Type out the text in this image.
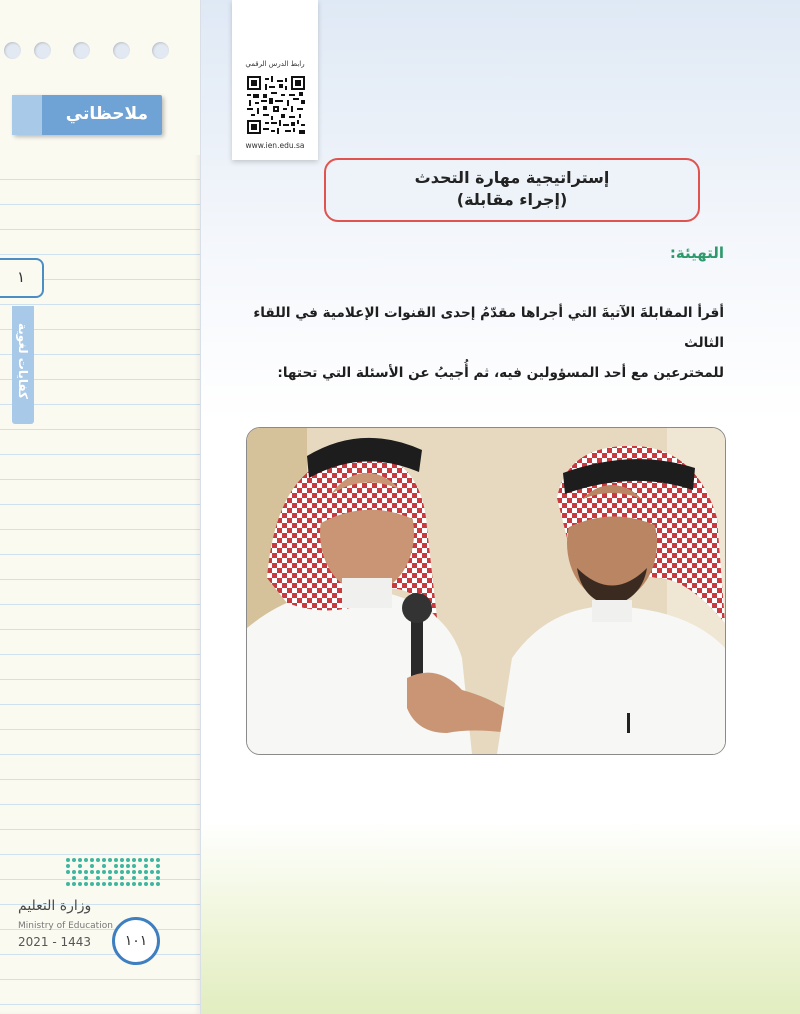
ملاحظاتي
١
كفايات لغوية
وزارة التعليم
Ministry of Education
2021 - 1443	١٠١
رابط الدرس الرقمي
www.ien.edu.sa
إستراتيجية مهارة التحدث
(إجراء مقابلة)
التهيئة:
أقرأ المقابلةَ الآتيةَ التي أجراها مقدّمُ إحدى القنوات الإعلامية في اللقاء الثالث
للمخترعين مع أحد المسؤولين فيه، ثم أُجيبُ عن الأسئلة التي تحتها:
